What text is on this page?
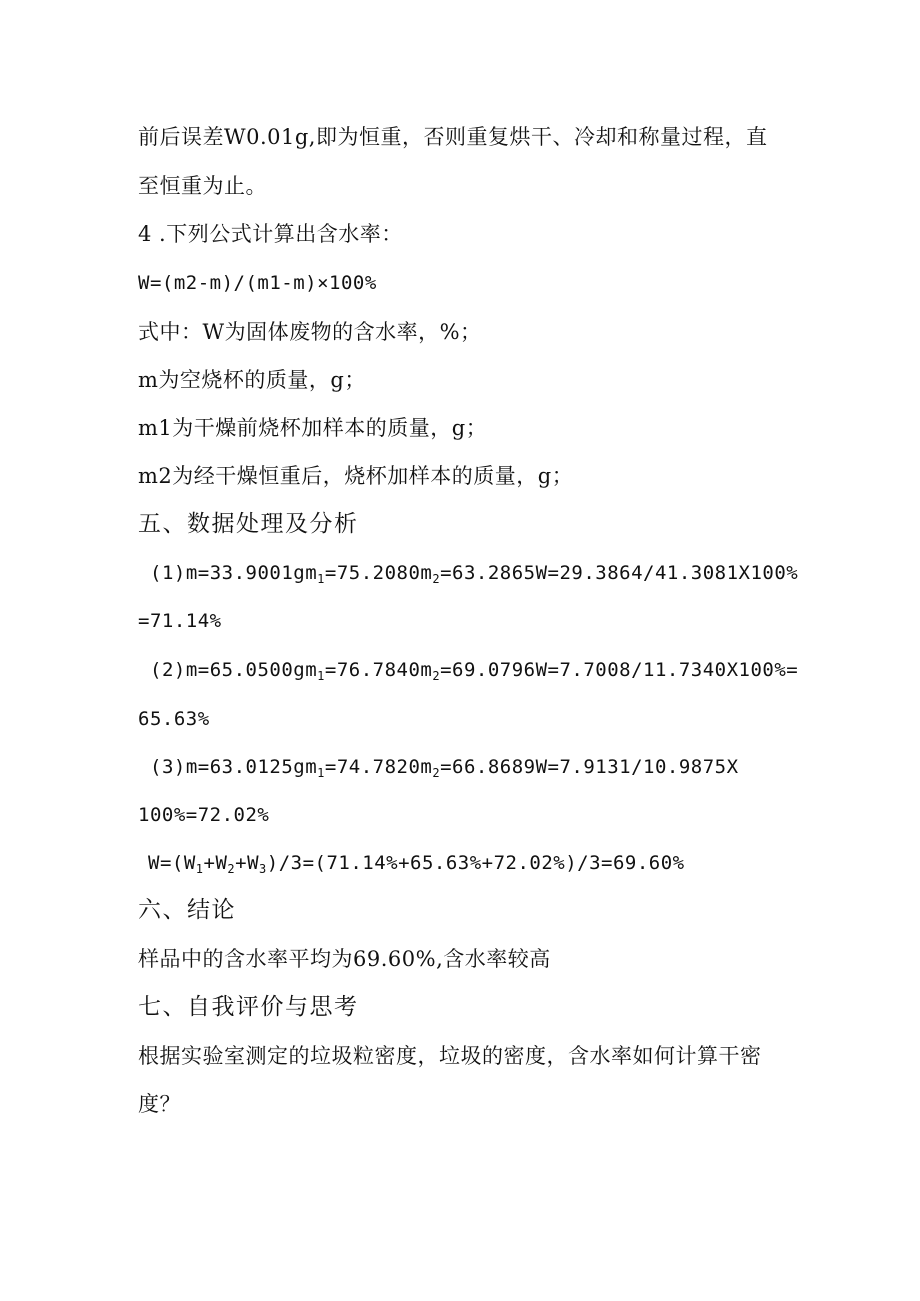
前后误差W0.01g,即为恒重，否则重复烘干、冷却和称量过程，直
至恒重为止。
4 .下列公式计算出含水率：
W=(m2-m)/(m1-m)×100%
式中：W为固体废物的含水率，%；
m为空烧杯的质量，g；
m1为干燥前烧杯加样本的质量，g；
m2为经干燥恒重后，烧杯加样本的质量，g；
五、数据处理及分析
$(1)m=33.9001gm_1=75.2080m_2=63.2865W=29.3864/41.3081X100\%$
=71.14%
$(2)m=65.0500gm_1=76.7840m_2=69.0796W=7.7008/11.7340X100\%=$
65.63%
$(3)m=63.0125gm_1=74.7820m_2=66.8689W=7.9131/10.9875X$
100%=72.02%
$W=(W_1+W_2+W_3)/3=(71.14\%+65.63\%+72.02\%)/3=69.60\%$
六、结论
样品中的含水率平均为69.60%,含水率较高
七、自我评价与思考
根据实验室测定的垃圾粒密度，垃圾的密度，含水率如何计算干密
度？
